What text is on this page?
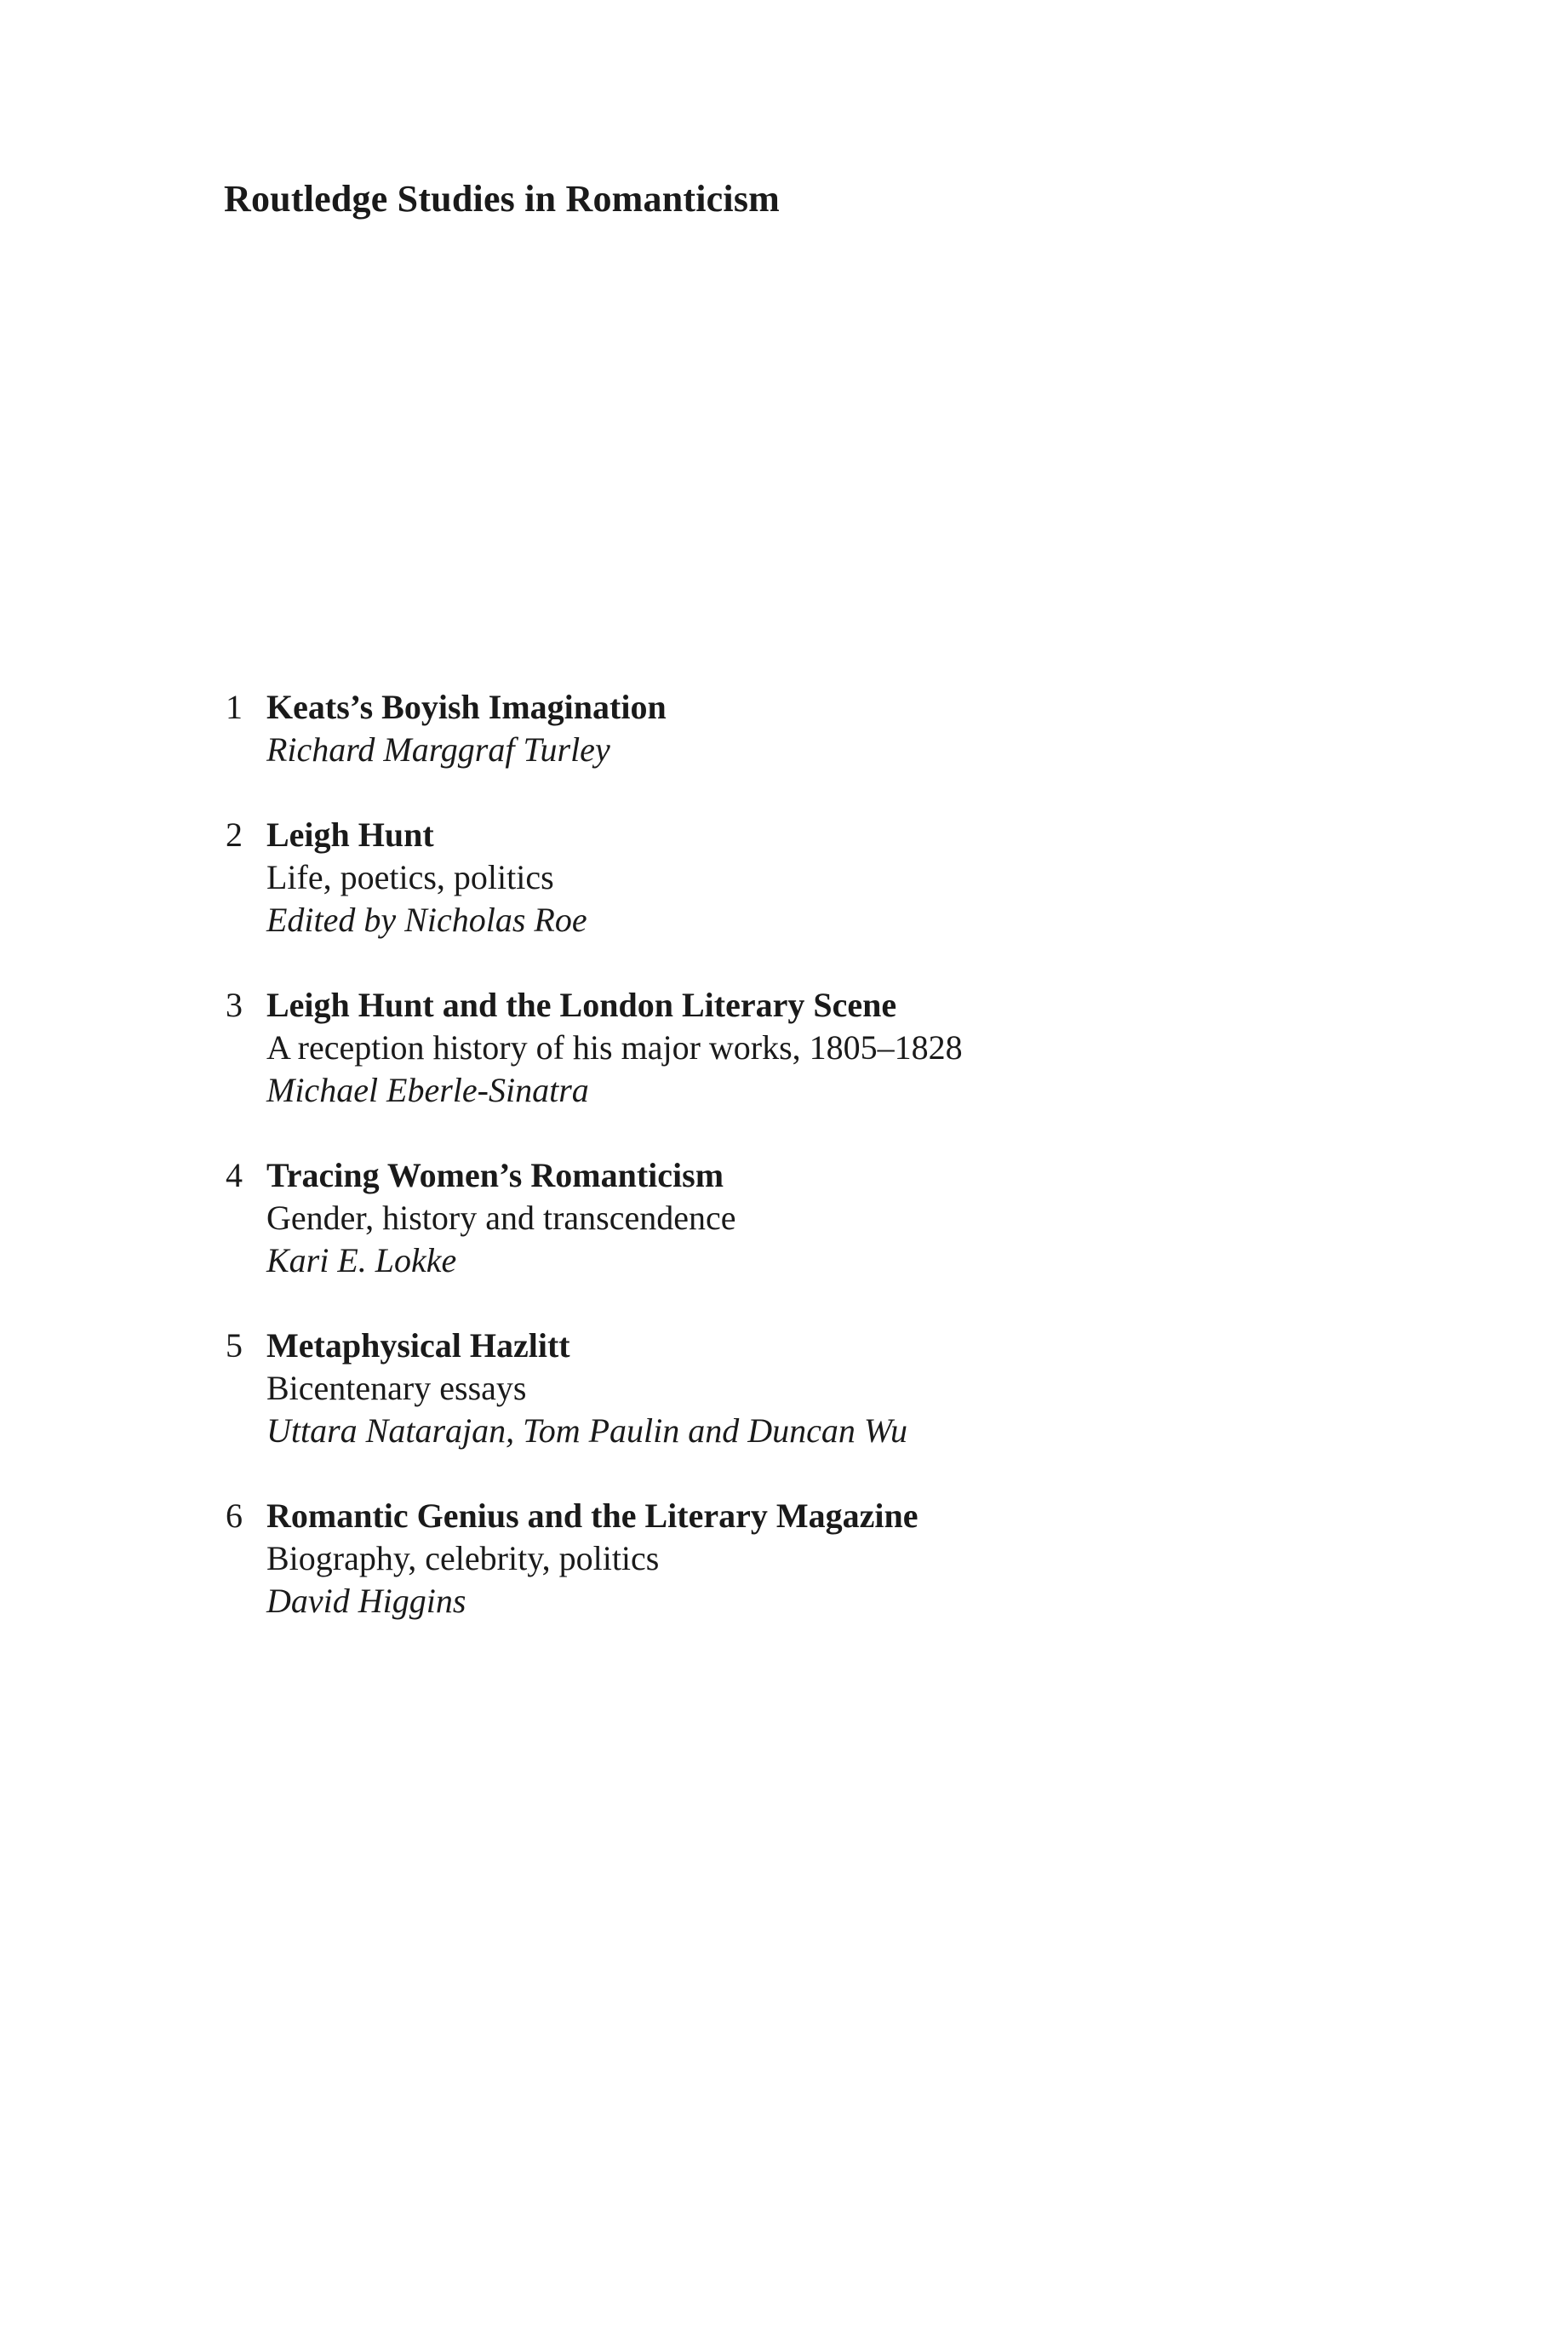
Routledge Studies in Romanticism
1 Keats’s Boyish Imagination
Richard Marggraf Turley
2 Leigh Hunt
Life, poetics, politics
Edited by Nicholas Roe
3 Leigh Hunt and the London Literary Scene
A reception history of his major works, 1805–1828
Michael Eberle-Sinatra
4 Tracing Women’s Romanticism
Gender, history and transcendence
Kari E. Lokke
5 Metaphysical Hazlitt
Bicentenary essays
Uttara Natarajan, Tom Paulin and Duncan Wu
6 Romantic Genius and the Literary Magazine
Biography, celebrity, politics
David Higgins
